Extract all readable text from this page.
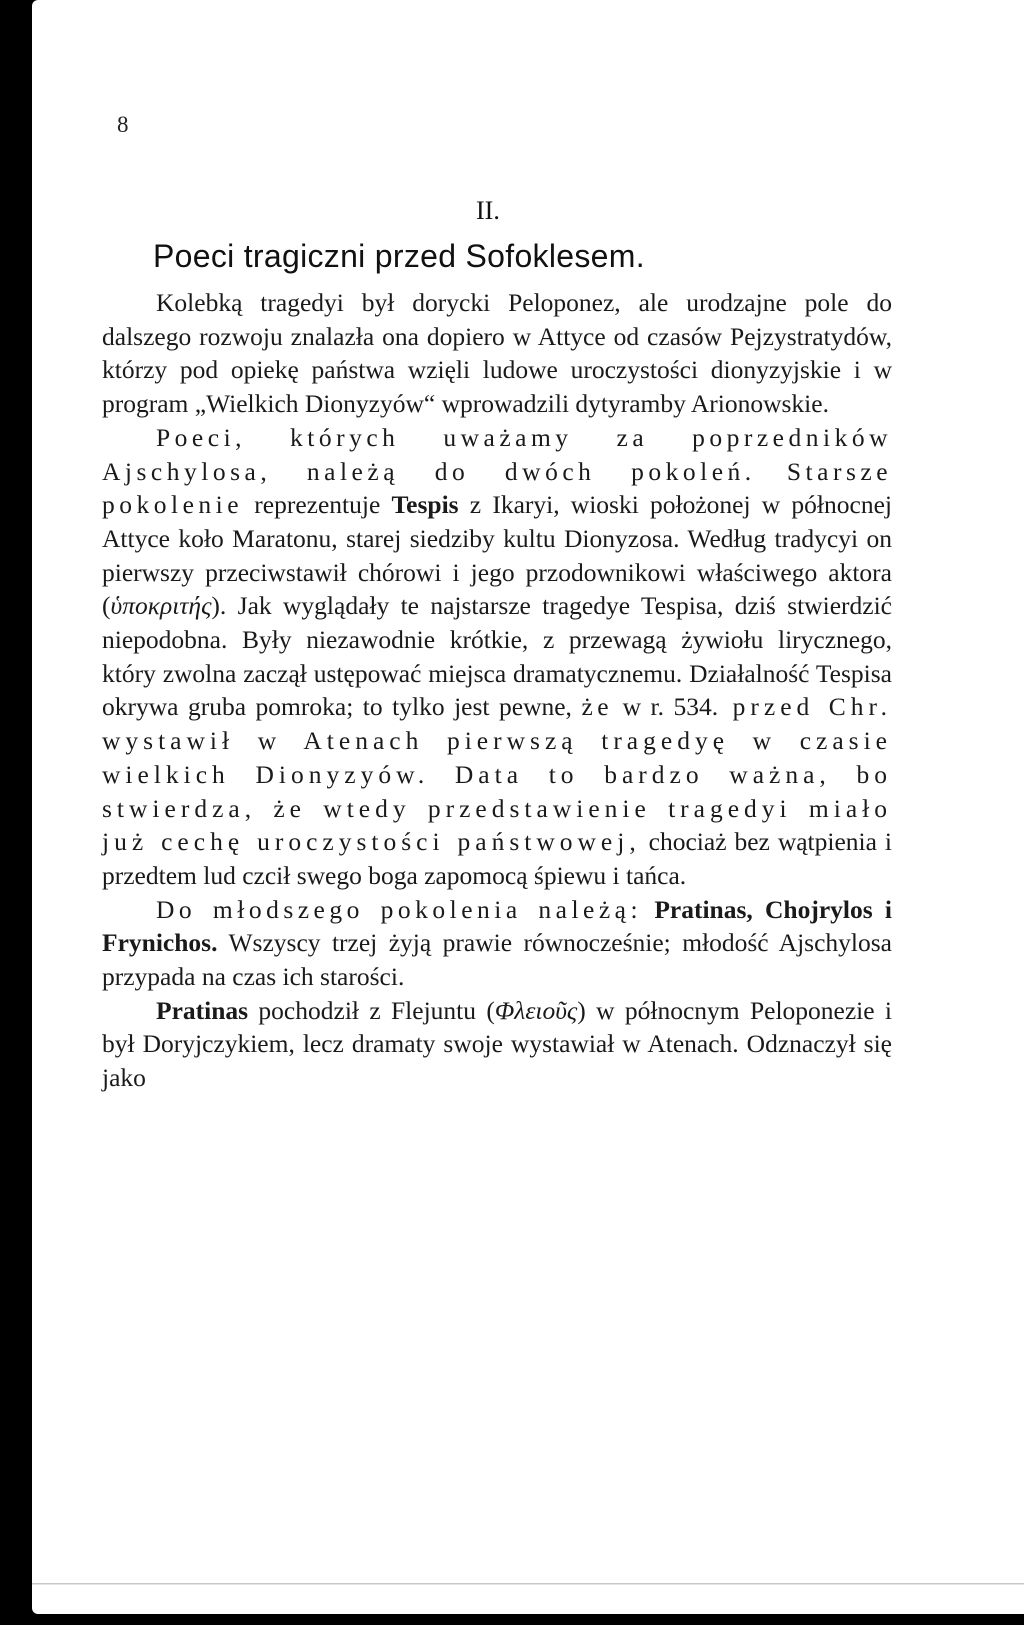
8
II.
Poeci tragiczni przed Sofoklesem.

Kolebką tragedyi był dorycki Peloponez, ale urodzajne pole do dalszego rozwoju znalazła ona dopiero w Attyce od czasów Pejzystratydów, którzy pod opiekę państwa wzięli ludowe uroczystości dionyzyjskie i w program „Wielkich Dionyzyów“ wprowadzili dytyramby Arionowskie.

Poeci, których uważamy za poprzedników Ajschylosa, należą do dwóch pokoleń. Starsze pokolenie reprezentuje Tespis z Ikaryi, wioski położonej w północnej Attyce koło Maratonu, starej siedziby kultu Dionyzosa. Według tradycyi on pierwszy przeciwstawił chórowi i jego przodownikowi właściwego aktora (ὑποκριτής). Jak wyglądały te najstarsze tragedye Tespisa, dziś stwierdzić niepodobna. Były niezawodnie krótkie, z przewagą żywiołu lirycznego, który zwolna zaczął ustępować miejsca dramatycznemu. Działalność Tespisa okrywa gruba pomroka; to tylko jest pewne, że w r. 534. przed Chr. wystawił w Atenach pierwszą tragedyę w czasie wielkich Dionyzyów. Data to bardzo ważna, bo stwierdza, że wtedy przedstawienie tragedyi miało już cechę uroczystości państwowej, chociaż bez wątpienia i przedtem lud czcił swego boga zapomocą śpiewu i tańca.

Do młodszego pokolenia należą: Pratinas, Chojrylos i Frynichos. Wszyscy trzej żyją prawie równocześnie; młodość Ajschylosa przypada na czas ich starości.

Pratinas pochodził z Flejuntu (Φλειοῦς) w północnym Peloponezie i był Doryjczykiem, lecz dramaty swoje wystawiał w Atenach. Odznaczył się jako
